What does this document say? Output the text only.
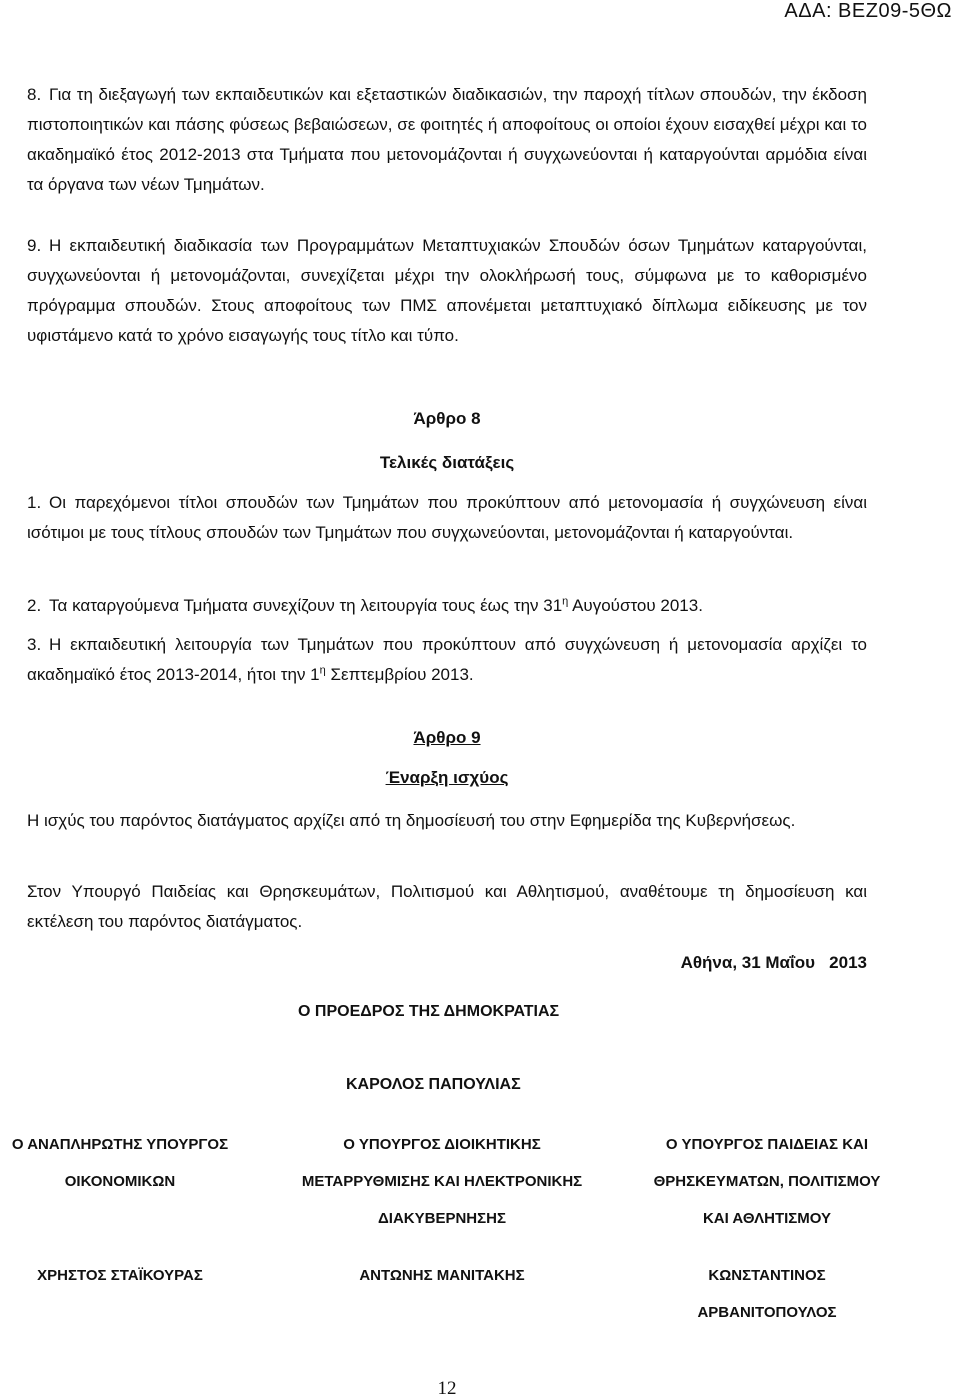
ΑΔΑ: ΒΕΖ09-5ΘΩ

8. Για τη διεξαγωγή των εκπαιδευτικών και εξεταστικών διαδικασιών, την παροχή τίτλων σπουδών, την έκδοση πιστοποιητικών και πάσης φύσεως βεβαιώσεων, σε φοιτητές ή αποφοίτους οι οποίοι έχουν εισαχθεί μέχρι και το ακαδημαϊκό έτος 2012-2013 στα Τμήματα που μετονομάζονται ή συγχωνεύονται ή καταργούνται αρμόδια είναι τα όργανα των νέων Τμημάτων.

9. Η εκπαιδευτική διαδικασία των Προγραμμάτων Μεταπτυχιακών Σπουδών όσων Τμημάτων καταργούνται, συγχωνεύονται ή μετονομάζονται, συνεχίζεται μέχρι την ολοκλήρωσή τους, σύμφωνα με το καθορισμένο πρόγραμμα σπουδών. Στους αποφοίτους των ΠΜΣ απονέμεται μεταπτυχιακό δίπλωμα ειδίκευσης με τον υφιστάμενο κατά το χρόνο εισαγωγής τους τίτλο και τύπο.

Άρθρο 8
Τελικές διατάξεις

1. Οι παρεχόμενοι τίτλοι σπουδών των Τμημάτων που προκύπτουν από μετονομασία ή συγχώνευση είναι ισότιμοι με τους τίτλους σπουδών των Τμημάτων που συγχωνεύονται, μετονομάζονται ή καταργούνται.

2. Τα καταργούμενα Τμήματα συνεχίζουν τη λειτουργία τους έως την $31^\eta$ Αυγούστου 2013.

3. Η εκπαιδευτική λειτουργία των Τμημάτων που προκύπτουν από συγχώνευση ή μετονομασία αρχίζει το ακαδημαϊκό έτος 2013-2014, ήτοι την $1^\eta$ Σεπτεμβρίου 2013.

Άρθρο 9
Έναρξη ισχύος

Η ισχύς του παρόντος διατάγματος αρχίζει από τη δημοσίευσή του στην Εφημερίδα της Κυβερνήσεως.

Στον Υπουργό Παιδείας και Θρησκευμάτων, Πολιτισμού και Αθλητισμού, αναθέτουμε τη δημοσίευση και εκτέλεση του παρόντος διατάγματος.

Αθήνα, 31 Μαΐου   2013
Ο ΠΡΟΕΔΡΟΣ ΤΗΣ ΔΗΜΟΚΡΑΤΙΑΣ
ΚΑΡΟΛΟΣ ΠΑΠΟΥΛΙΑΣ
Ο ΑΝΑΠΛΗΡΩΤΗΣ ΥΠΟΥΡΓΟΣ
ΟΙΚΟΝΟΜΙΚΩΝ
Ο ΥΠΟΥΡΓΟΣ ΔΙΟΙΚΗΤΙΚΗΣ
ΜΕΤΑΡΡΥΘΜΙΣΗΣ ΚΑΙ ΗΛΕΚΤΡΟΝΙΚΗΣ
ΔΙΑΚΥΒΕΡΝΗΣΗΣ
Ο ΥΠΟΥΡΓΟΣ ΠΑΙΔΕΙΑΣ ΚΑΙ
ΘΡΗΣΚΕΥΜΑΤΩΝ, ΠΟΛΙΤΙΣΜΟΥ
ΚΑΙ ΑΘΛΗΤΙΣΜΟΥ
ΧΡΗΣΤΟΣ ΣΤΑΪΚΟΥΡΑΣ	ΑΝΤΩΝΗΣ ΜΑΝΙΤΑΚΗΣ	ΚΩΝΣΤΑΝΤΙΝΟΣ
ΑΡΒΑΝΙΤΟΠΟΥΛΟΣ
12
